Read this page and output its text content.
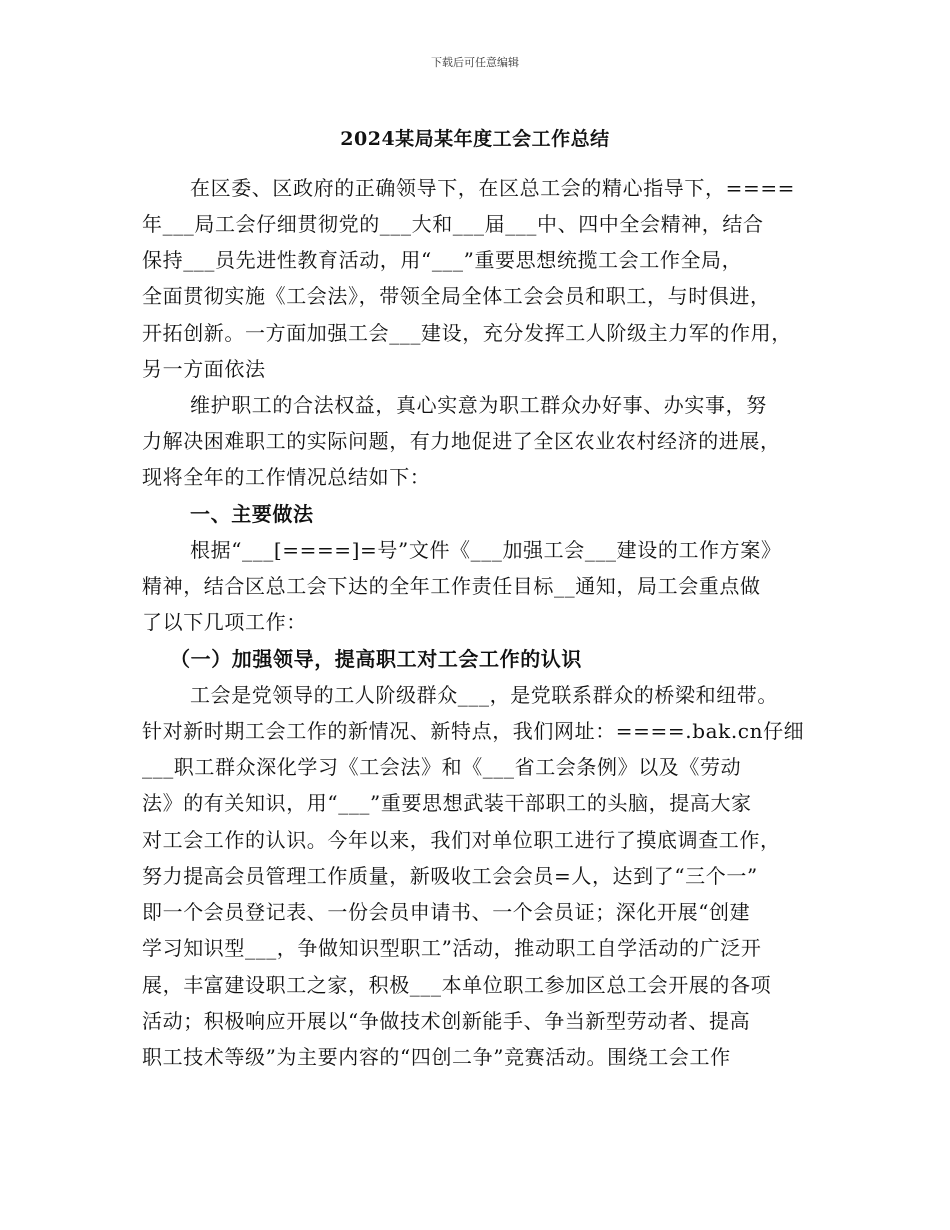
下载后可任意编辑
2024某局某年度工会工作总结
在区委、区政府的正确领导下，在区总工会的精心指导下，====
年___局工会仔细贯彻党的___大和___届___中、四中全会精神，结合
保持___员先进性教育活动，用“___”重要思想统揽工会工作全局，
全面贯彻实施《工会法》，带领全局全体工会会员和职工，与时俱进，
开拓创新。一方面加强工会___建设，充分发挥工人阶级主力军的作用，
另一方面依法
维护职工的合法权益，真心实意为职工群众办好事、办实事，努
力解决困难职工的实际问题，有力地促进了全区农业农村经济的进展，
现将全年的工作情况总结如下：
一、主要做法
根据“___[====]=号”文件《___加强工会___建设的工作方案》
精神，结合区总工会下达的全年工作责任目标__通知，局工会重点做
了以下几项工作：
（一）加强领导，提高职工对工会工作的认识
工会是党领导的工人阶级群众___，是党联系群众的桥梁和纽带。
针对新时期工会工作的新情况、新特点，我们网址：====.bak.cn仔细
___职工群众深化学习《工会法》和《___省工会条例》以及《劳动
法》的有关知识，用“___”重要思想武装干部职工的头脑，提高大家
对工会工作的认识。今年以来，我们对单位职工进行了摸底调查工作，
努力提高会员管理工作质量，新吸收工会会员=人，达到了“三个一”
即一个会员登记表、一份会员申请书、一个会员证；深化开展“创建
学习知识型___，争做知识型职工”活动，推动职工自学活动的广泛开
展，丰富建设职工之家，积极___本单位职工参加区总工会开展的各项
活动；积极响应开展以“争做技术创新能手、争当新型劳动者、提高
职工技术等级”为主要内容的“四创二争”竞赛活动。围绕工会工作
